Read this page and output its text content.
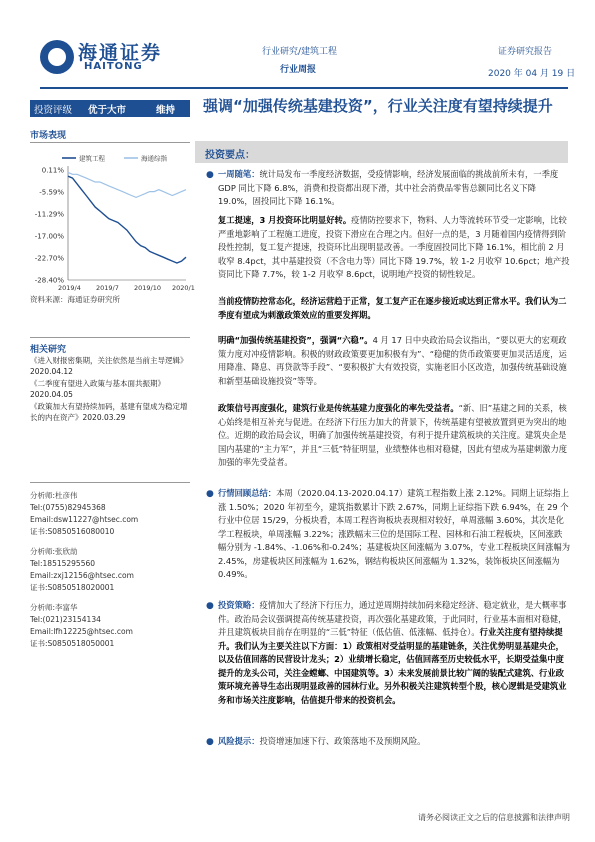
海通证券
HAITONG
行业研究/建筑工程
行业周报
证券研究报告
2020 年 04 月 19 日
投资评级 优于大市	维持
市场表现
0.11%
-5.59%
-11.29%
-17.00%
-22.70%
-28.40%
2019/4 2019/7 2019/10 2020/1
建筑工程	海通综指
资料来源：海通证券研究所
相关研究
《进入财报密集期，关注依然是当前主导逻辑》2020.04.12
《二季度有望进入政策与基本面共振期》2020.04.05
《政策加大有望持续加码，基建有望成为稳定增长的内在资产》2020.03.29
分析师:杜彦伟
Tel:(0755)82945368
Email:dsw11227@htsec.com
证书:S0850516080010
分析师:张欣劼
Tel:18515295560
Email:zxj12156@htsec.com
证书:S0850518020001
分析师:李富华
Tel:(021)23154134
Email:lfh12225@htsec.com
证书:S0850518050001
强调“加强传统基建投资”，行业关注度有望持续提升
投资要点：
● 一周随笔：统计局发布一季度经济数据，受疫情影响，经济发展面临的挑战前所未有，一季度 GDP 同比下降 6.8%，消费和投资都出现下滑，其中社会消费品零售总额同比名义下降 19.0%，固投同比下降 16.1%。
复工提速，3 月投资环比明显好转。疫情防控要求下，物料、人力等流转环节受一定影响，比较严重地影响了工程施工进度，投资下滑应在合理之内。但好一点的是，3 月随着国内疫情得到阶段性控制，复工复产提速，投资环比出现明显改善。一季度固投同比下降 16.1%，相比前 2 月收窄 8.4pct，其中基建投资（不含电力等）同比下降 19.7%，较 1-2 月收窄 10.6pct；地产投资同比下降 7.7%，较 1-2 月收窄 8.6pct，说明地产投资的韧性较足。
当前疫情防控常态化，经济运营趋于正常，复工复产正在逐步接近或达到正常水平。我们认为二季度有望成为刺激政策效应的重要发挥期。
明确“加强传统基建投资”，强调“六稳”。4 月 17 日中央政治局会议指出，“要以更大的宏观政策力度对冲疫情影响。积极的财政政策要更加积极有为”、“稳健的货币政策要更加灵活适度，运用降准、降息、再贷款等手段”、“要积极扩大有效投资，实施老旧小区改造，加强传统基础设施和新型基础设施投资”等等。
政策信号再度强化，建筑行业是传统基建力度强化的率先受益者。“新、旧”基建之间的关系，核心始终是相互补充与促进。在经济下行压力加大的背景下，传统基建有望被放置到更为突出的地位。近期的政治局会议，明确了加强传统基建投资，有利于提升建筑板块的关注度。建筑央企是国内基建的“主力军”，并且“三低”特征明显，业绩整体也相对稳健，因此有望成为基建刺激力度加强的率先受益者。
● 行情回顾总结：本周（2020.04.13-2020.04.17）建筑工程指数上涨 2.12%。同期上证综指上涨 1.50%；2020 年初至今，建筑指数累计下跌 2.67%，同期上证综指下跌 6.94%，在 29 个行业中位居 15/29，分板块看，本周工程咨询板块表现相对较好，单周涨幅 3.60%，其次是化学工程板块，单周涨幅 3.22%；涨跌幅末三位的是国际工程、园林和石油工程板块，区间涨跌幅分别为 -1.84%、-1.06%和-0.24%；基建板块区间涨幅为 3.07%，专业工程板块区间涨幅为 2.45%，房建板块区间涨幅为 1.62%，钢结构板块区间涨幅为 1.32%，装饰板块区间涨幅为 0.49%。
● 投资策略：疫情加大了经济下行压力，通过逆周期持续加码来稳定经济、稳定就业，是大概率事件。政治局会议强调提高传统基建投资，再次强化基建政策，于此同时，行业基本面相对稳健，并且建筑板块目前存在明显的“三低”特征（低估值、低涨幅、低持仓）。行业关注度有望持续提升。我们认为主要关注以下方面：1）政策相对受益明显的基建链条，关注优势明显基建央企，以及估值回落的民营设计龙头；2）业绩增长稳定，估值回落至历史较低水平，长期受益集中度提升的龙头公司，关注金螳螂、中国建筑等。3）未来发展前景比较广阔的装配式建筑、行业政策环境充善导生态出现明显政善的园林行业。另外积极关注建筑转型个股，核心逻辑是受建筑业务和市场关注度影响，估值提升带来的投资机会。
● 风险提示：投资增速加速下行、政策落地不及预期风险。
请务必阅读正文之后的信息披露和法律声明
